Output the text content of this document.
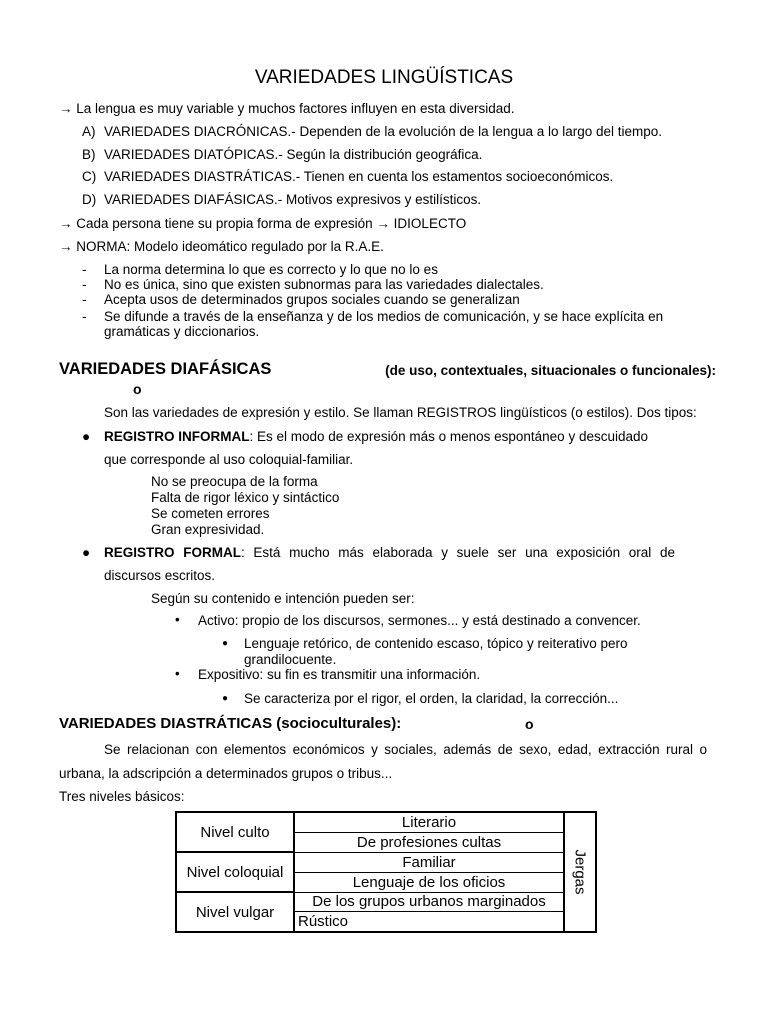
VARIEDADES LINGÜÍSTICAS
→ La lengua es muy variable y muchos factores influyen en esta diversidad.
A) VARIEDADES DIACRÓNICAS.- Dependen de la evolución de la lengua a lo largo del tiempo.
B) VARIEDADES DIATÓPICAS.- Según la distribución geográfica.
C) VARIEDADES DIASTRÁTICAS.- Tienen en cuenta los estamentos socioeconómicos.
D) VARIEDADES DIAFÁSICAS.- Motivos expresivos y estilísticos.
→ Cada persona tiene su propia forma de expresión → IDIOLECTO
→ NORMA: Modelo ideomático regulado por la R.A.E.
- La norma determina lo que es correcto y lo que no lo es
- No es única, sino que existen subnormas para las variedades dialectales.
- Acepta usos de determinados grupos sociales cuando se generalizan
- Se difunde a través de la enseñanza y de los medios de comunicación, y se hace explícita en
gramáticas y diccionarios.
VARIEDADES DIAFÁSICAS	(de uso, contextuales, situacionales o funcionales):
o
Son las variedades de expresión y estilo. Se llaman REGISTROS lingüísticos (o estilos). Dos tipos:
● REGISTRO INFORMAL: Es el modo de expresión más o menos espontáneo y descuidado
que corresponde al uso coloquial-familiar.
No se preocupa de la forma
Falta de rigor léxico y sintáctico
Se cometen errores
Gran expresividad.
● REGISTRO FORMAL: Está mucho más elaborada y suele ser una exposición oral de
discursos escritos.
Según su contenido e intención pueden ser:
• Activo: propio de los discursos, sermones... y está destinado a convencer.
● Lenguaje retórico, de contenido escaso, tópico y reiterativo pero
grandilocuente.
• Expositivo: su fin es transmitir una información.
● Se caracteriza por el rigor, el orden, la claridad, la corrección...
VARIEDADES DIASTRÁTICAS (socioculturales):	o
Se relacionan con elementos económicos y sociales, además de sexo, edad, extracción rural o
urbana, la adscripción a determinados grupos o tribus...
Tres niveles básicos:
Nivel culto	Literario	Jergas

	De profesiones cultas	
Nivel coloquial	Familiar	
	Lenguaje de los oficios	
Nivel vulgar	De los grupos urbanos marginados	
	Rústico	
